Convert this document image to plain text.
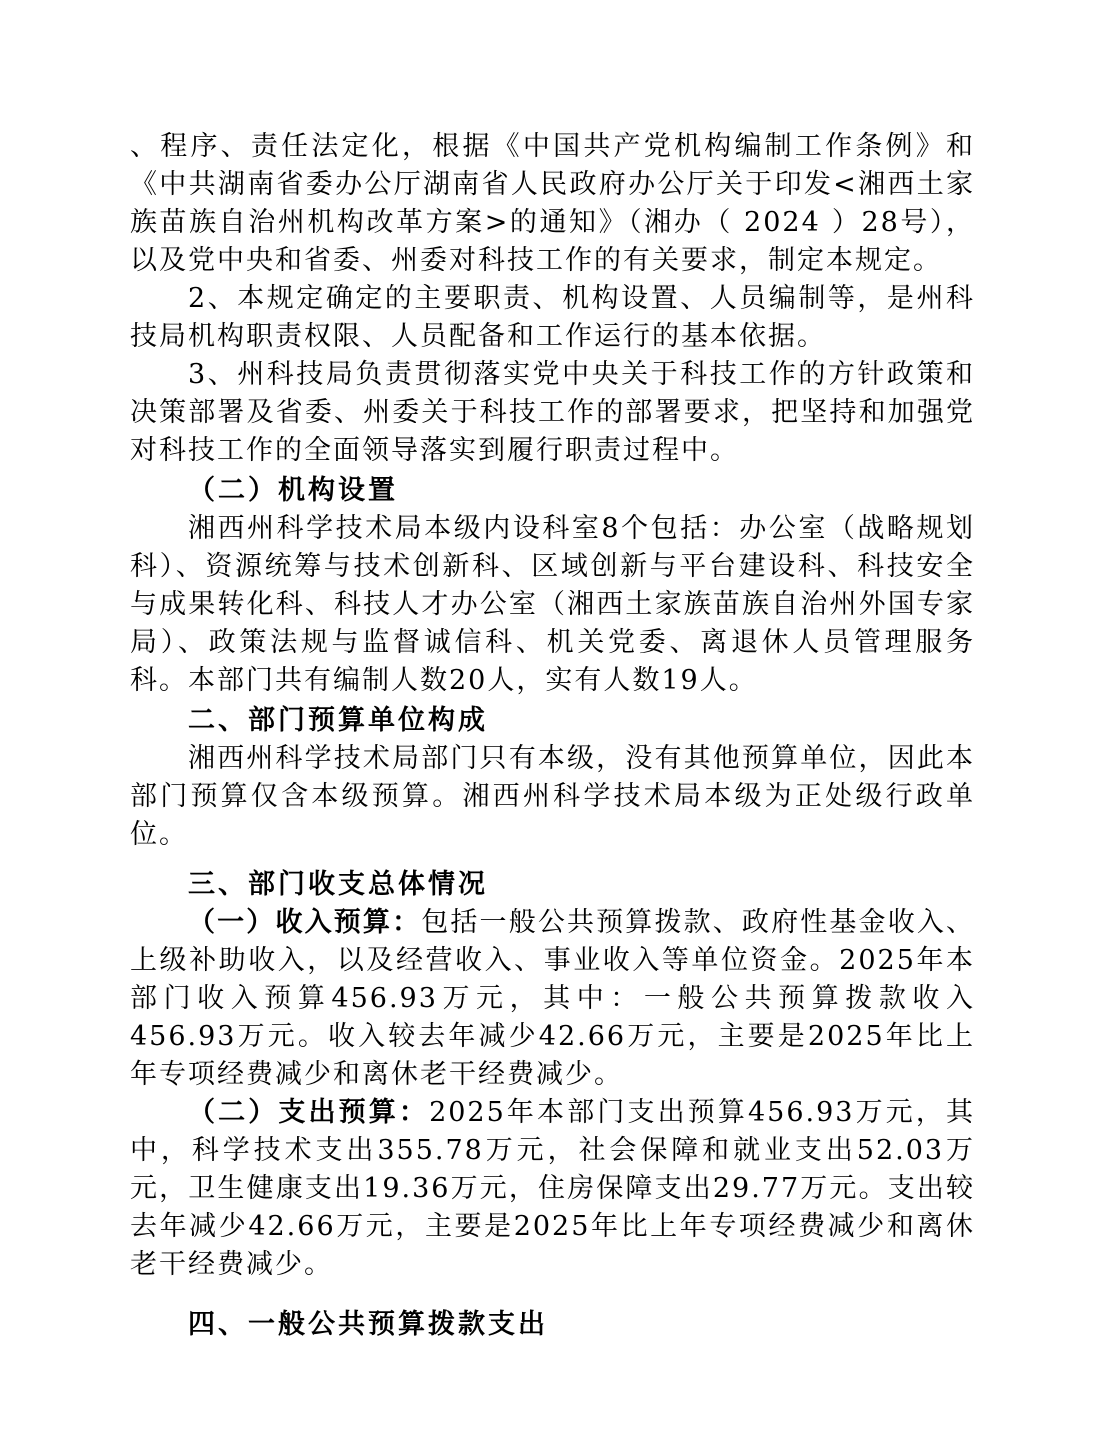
、程序、责任法定化，根据《中国共产党机构编制工作条例》和《中共湖南省委办公厅湖南省人民政府办公厅关于印发<湘西土家族苗族自治州机构改革方案>的通知》（湘办（ 2024 ）28号），以及党中央和省委、州委对科技工作的有关要求，制定本规定。

2、本规定确定的主要职责、机构设置、人员编制等，是州科技局机构职责权限、人员配备和工作运行的基本依据。

3、州科技局负责贯彻落实党中央关于科技工作的方针政策和决策部署及省委、州委关于科技工作的部署要求，把坚持和加强党对科技工作的全面领导落实到履行职责过程中。

（二）机构设置

湘西州科学技术局本级内设科室8个包括：办公室（战略规划科）、资源统筹与技术创新科、区域创新与平台建设科、科技安全与成果转化科、科技人才办公室（湘西土家族苗族自治州外国专家局）、政策法规与监督诚信科、机关党委、离退休人员管理服务科。本部门共有编制人数20人，实有人数19人。

二、部门预算单位构成

湘西州科学技术局部门只有本级，没有其他预算单位，因此本部门预算仅含本级预算。湘西州科学技术局本级为正处级行政单位。

三、部门收支总体情况

（一）收入预算：包括一般公共预算拨款、政府性基金收入、上级补助收入，以及经营收入、事业收入等单位资金。2025年本部门收入预算456.93万元，其中：一般公共预算拨款收入456.93万元。收入较去年减少42.66万元，主要是2025年比上年专项经费减少和离休老干经费减少。

（二）支出预算：2025年本部门支出预算456.93万元，其中，科学技术支出355.78万元，社会保障和就业支出52.03万元，卫生健康支出19.36万元，住房保障支出29.77万元。支出较去年减少42.66万元，主要是2025年比上年专项经费减少和离休老干经费减少。

四、一般公共预算拨款支出
